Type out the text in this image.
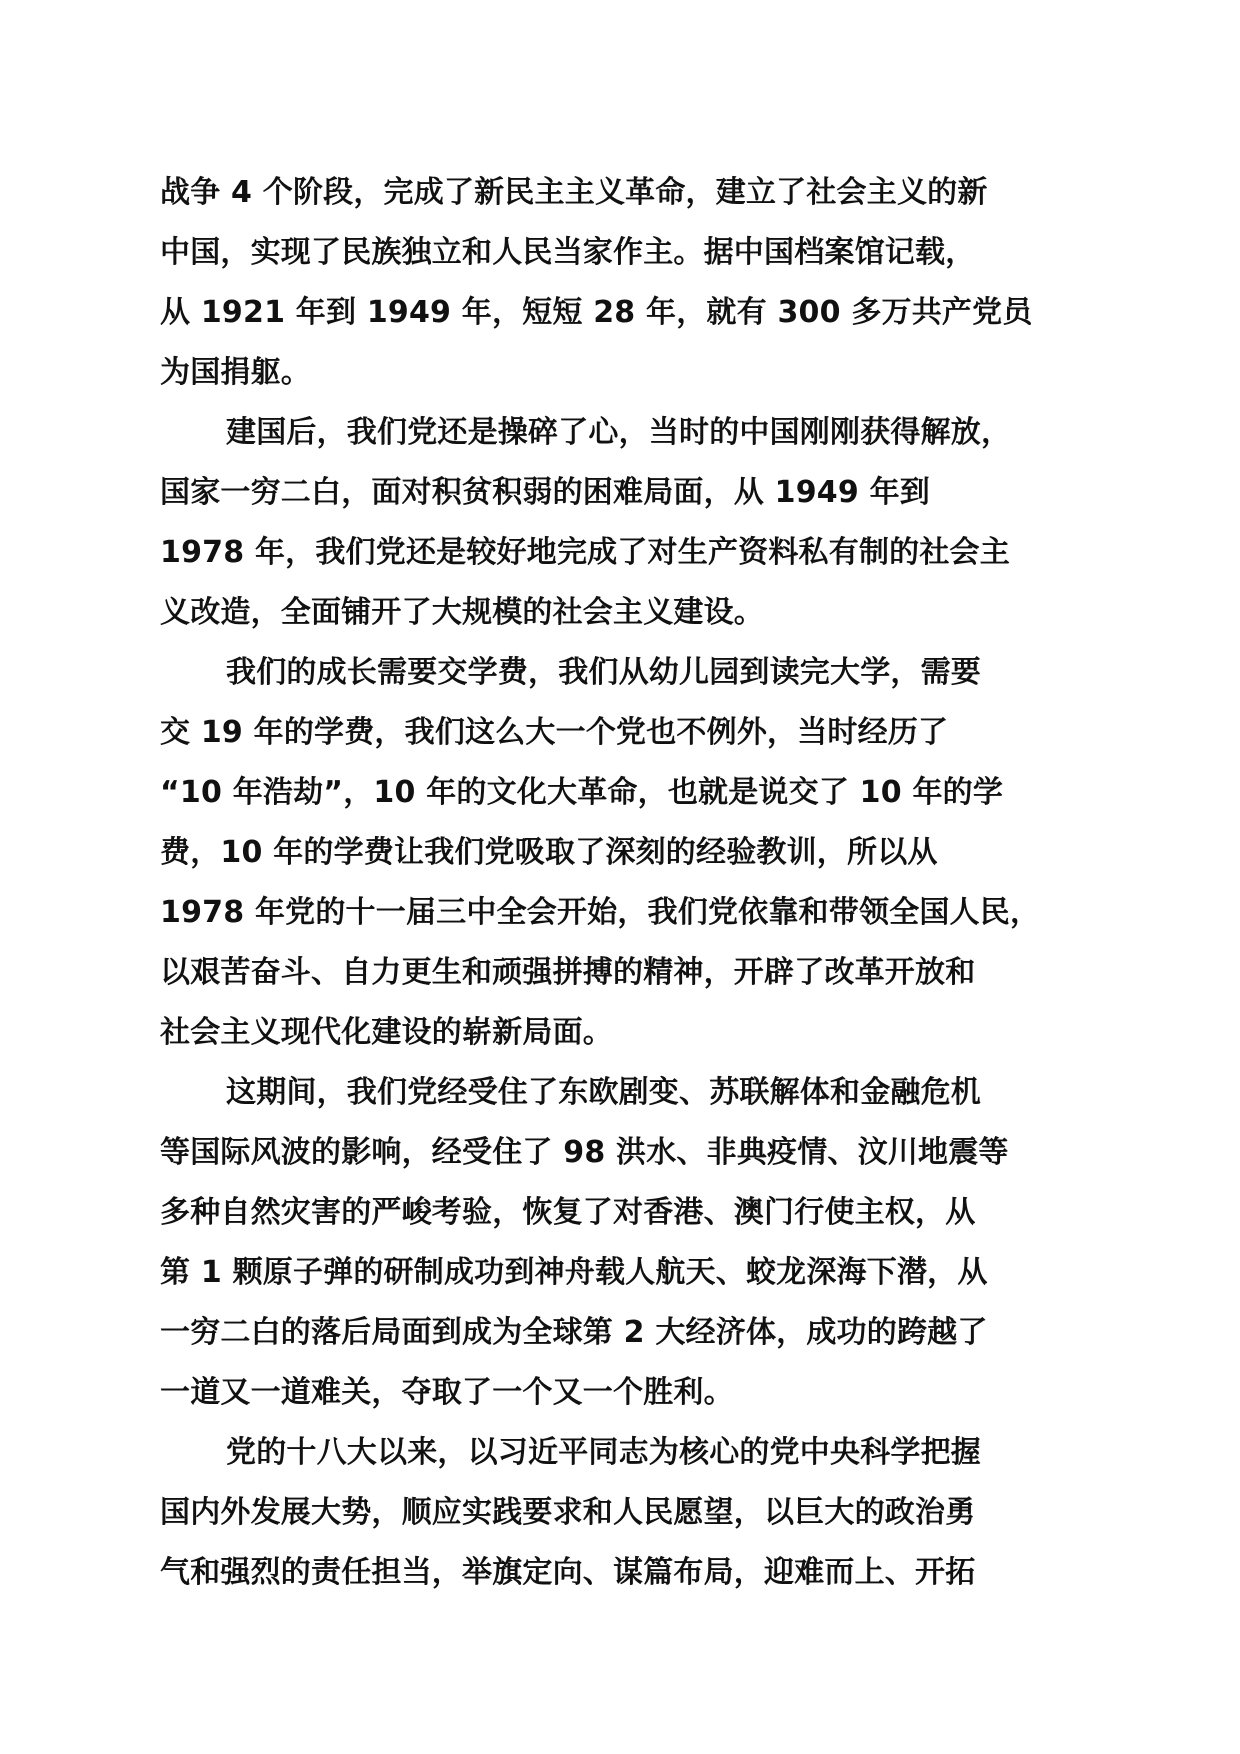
战争 4 个阶段，完成了新民主主义革命，建立了社会主义的新
中国，实现了民族独立和人民当家作主。据中国档案馆记载，
从 1921 年到 1949 年，短短 28 年，就有 300 多万共产党员
为国捐躯。
建国后，我们党还是操碎了心，当时的中国刚刚获得解放，
国家一穷二白，面对积贫积弱的困难局面，从 1949 年到
1978 年，我们党还是较好地完成了对生产资料私有制的社会主
义改造，全面铺开了大规模的社会主义建设。
我们的成长需要交学费，我们从幼儿园到读完大学，需要
交 19 年的学费，我们这么大一个党也不例外，当时经历了
“10 年浩劫”，10 年的文化大革命，也就是说交了 10 年的学
费，10 年的学费让我们党吸取了深刻的经验教训，所以从
1978 年党的十一届三中全会开始，我们党依靠和带领全国人民，
以艰苦奋斗、自力更生和顽强拼搏的精神，开辟了改革开放和
社会主义现代化建设的崭新局面。
这期间，我们党经受住了东欧剧变、苏联解体和金融危机
等国际风波的影响，经受住了 98 洪水、非典疫情、汶川地震等
多种自然灾害的严峻考验，恢复了对香港、澳门行使主权，从
第 1 颗原子弹的研制成功到神舟载人航天、蛟龙深海下潜，从
一穷二白的落后局面到成为全球第 2 大经济体，成功的跨越了
一道又一道难关，夺取了一个又一个胜利。
党的十八大以来，以习近平同志为核心的党中央科学把握
国内外发展大势，顺应实践要求和人民愿望，以巨大的政治勇
气和强烈的责任担当，举旗定向、谋篇布局，迎难而上、开拓
